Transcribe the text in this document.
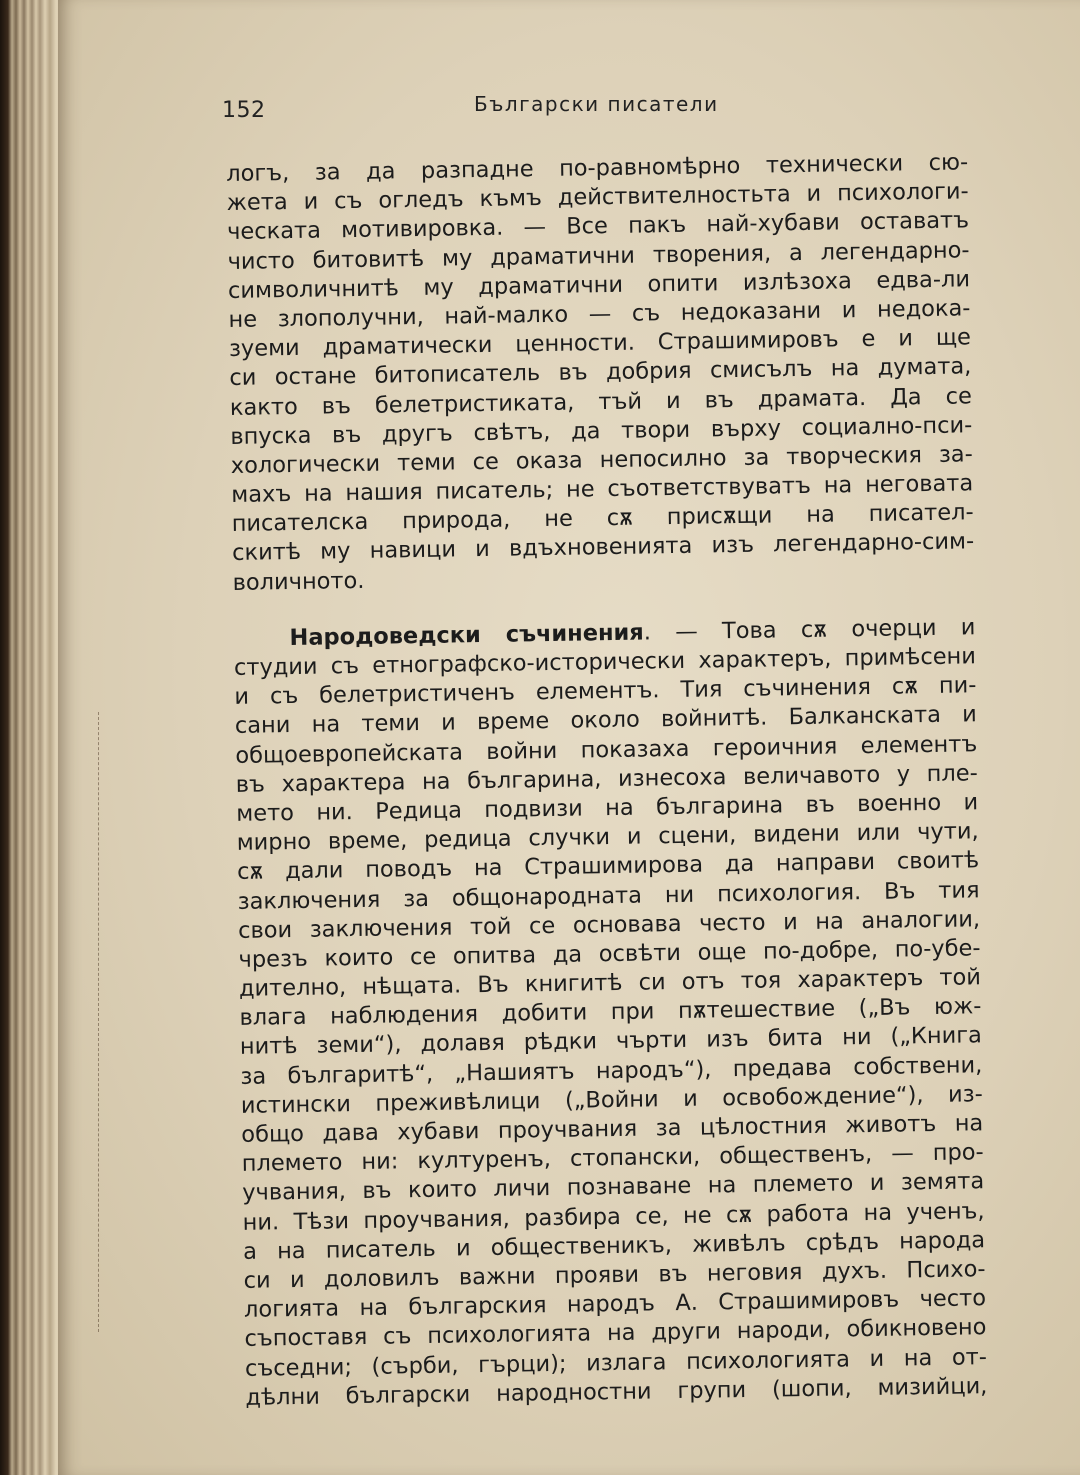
152	Български писатели
логъ, за да разпадне по-равномѣрно технически сю-
жета и съ огледъ къмъ действителностьта и психологи-
ческата мотивировка. — Все пакъ най-хубави оставатъ
чисто битовитѣ му драматични творения, а легендарно-
символичнитѣ му драматични опити излѣзоха едва-ли
не злополучни, най-малко — съ недоказани и недока-
зуеми драматически ценности. Страшимировъ е и ще
си остане битописатель въ добрия смисълъ на думата,
както въ белетристиката, тъй и въ драмата. Да се
впуска въ другъ свѣтъ, да твори върху социално-пси-
хологически теми се оказа непосилно за творческия за-
махъ на нашия писатель; не съответствуватъ на неговата
писателска природа, не сѫ присѫщи на писател-
скитѣ му навици и вдъхновенията изъ легендарно-сим-
воличното.
Народоведски съчинения. — Това сѫ очерци и
студии съ етнографско-исторически характеръ, примѣсени
и съ белетристиченъ елементъ. Тия съчинения сѫ пи-
сани на теми и време около войнитѣ. Балканската и
общоевропейската войни показаха героичния елементъ
въ характера на българина, изнесоха величавото у пле-
мето ни. Редица подвизи на българина въ военно и
мирно време, редица случки и сцени, видени или чути,
сѫ дали поводъ на Страшимирова да направи своитѣ
заключения за общонародната ни психология. Въ тия
свои заключения той се основава често и на аналогии,
чрезъ които се опитва да освѣти още по-добре, по-убе-
дително, нѣщата. Въ книгитѣ си отъ тоя характеръ той
влага наблюдения добити при пѫтешествие („Въ юж-
нитѣ земи“), долавя рѣдки чърти изъ бита ни („Книга
за българитѣ“, „Нашиятъ народъ“), предава собствени,
истински преживѣлици („Войни и освобождение“), из-
общо дава хубави проучвания за цѣлостния животъ на
племето ни: културенъ, стопански, общественъ, — про-
учвания, въ които личи познаване на племето и земята
ни. Тѣзи проучвания, разбира се, не сѫ работа на ученъ,
а на писатель и общественикъ, живѣлъ срѣдъ народа
си и доловилъ важни прояви въ неговия духъ. Психо-
логията на българския народъ А. Страшимировъ често
съпоставя съ психологията на други народи, обикновено
съседни; (сърби, гърци); излага психологията и на от-
дѣлни български народностни групи (шопи, мизийци,
